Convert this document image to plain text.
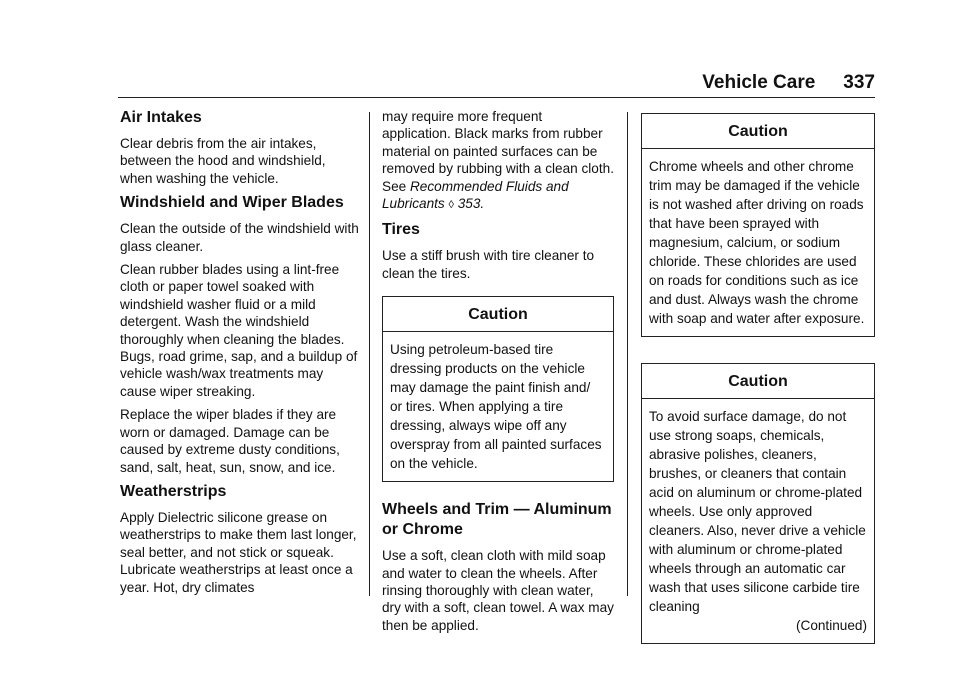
Vehicle Care 337
Air Intakes

Clear debris from the air intakes, between the hood and windshield, when washing the vehicle.

Windshield and Wiper Blades

Clean the outside of the windshield with glass cleaner.

Clean rubber blades using a lint-free cloth or paper towel soaked with windshield washer fluid or a mild detergent. Wash the windshield thoroughly when cleaning the blades. Bugs, road grime, sap, and a buildup of vehicle wash/wax treatments may cause wiper streaking.

Replace the wiper blades if they are worn or damaged. Damage can be caused by extreme dusty conditions, sand, salt, heat, sun, snow, and ice.

Weatherstrips

Apply Dielectric silicone grease on weatherstrips to make them last longer, seal better, and not stick or squeak. Lubricate weatherstrips at least once a year. Hot, dry climates

may require more frequent application. Black marks from rubber material on painted surfaces can be removed by rubbing with a clean cloth. See Recommended Fluids and Lubricants ◊ 353.

Tires

Use a stiff brush with tire cleaner to clean the tires.

Caution

Using petroleum-based tire dressing products on the vehicle may damage the paint finish and/ or tires. When applying a tire dressing, always wipe off any overspray from all painted surfaces on the vehicle.

Wheels and Trim — Aluminum or Chrome

Use a soft, clean cloth with mild soap and water to clean the wheels. After rinsing thoroughly with clean water, dry with a soft, clean towel. A wax may then be applied.

Caution

Chrome wheels and other chrome trim may be damaged if the vehicle is not washed after driving on roads that have been sprayed with magnesium, calcium, or sodium chloride. These chlorides are used on roads for conditions such as ice and dust. Always wash the chrome with soap and water after exposure.

Caution

To avoid surface damage, do not use strong soaps, chemicals, abrasive polishes, cleaners, brushes, or cleaners that contain acid on aluminum or chrome-plated wheels. Use only approved cleaners. Also, never drive a vehicle with aluminum or chrome-plated wheels through an automatic car wash that uses silicone carbide tire cleaning

(Continued)
